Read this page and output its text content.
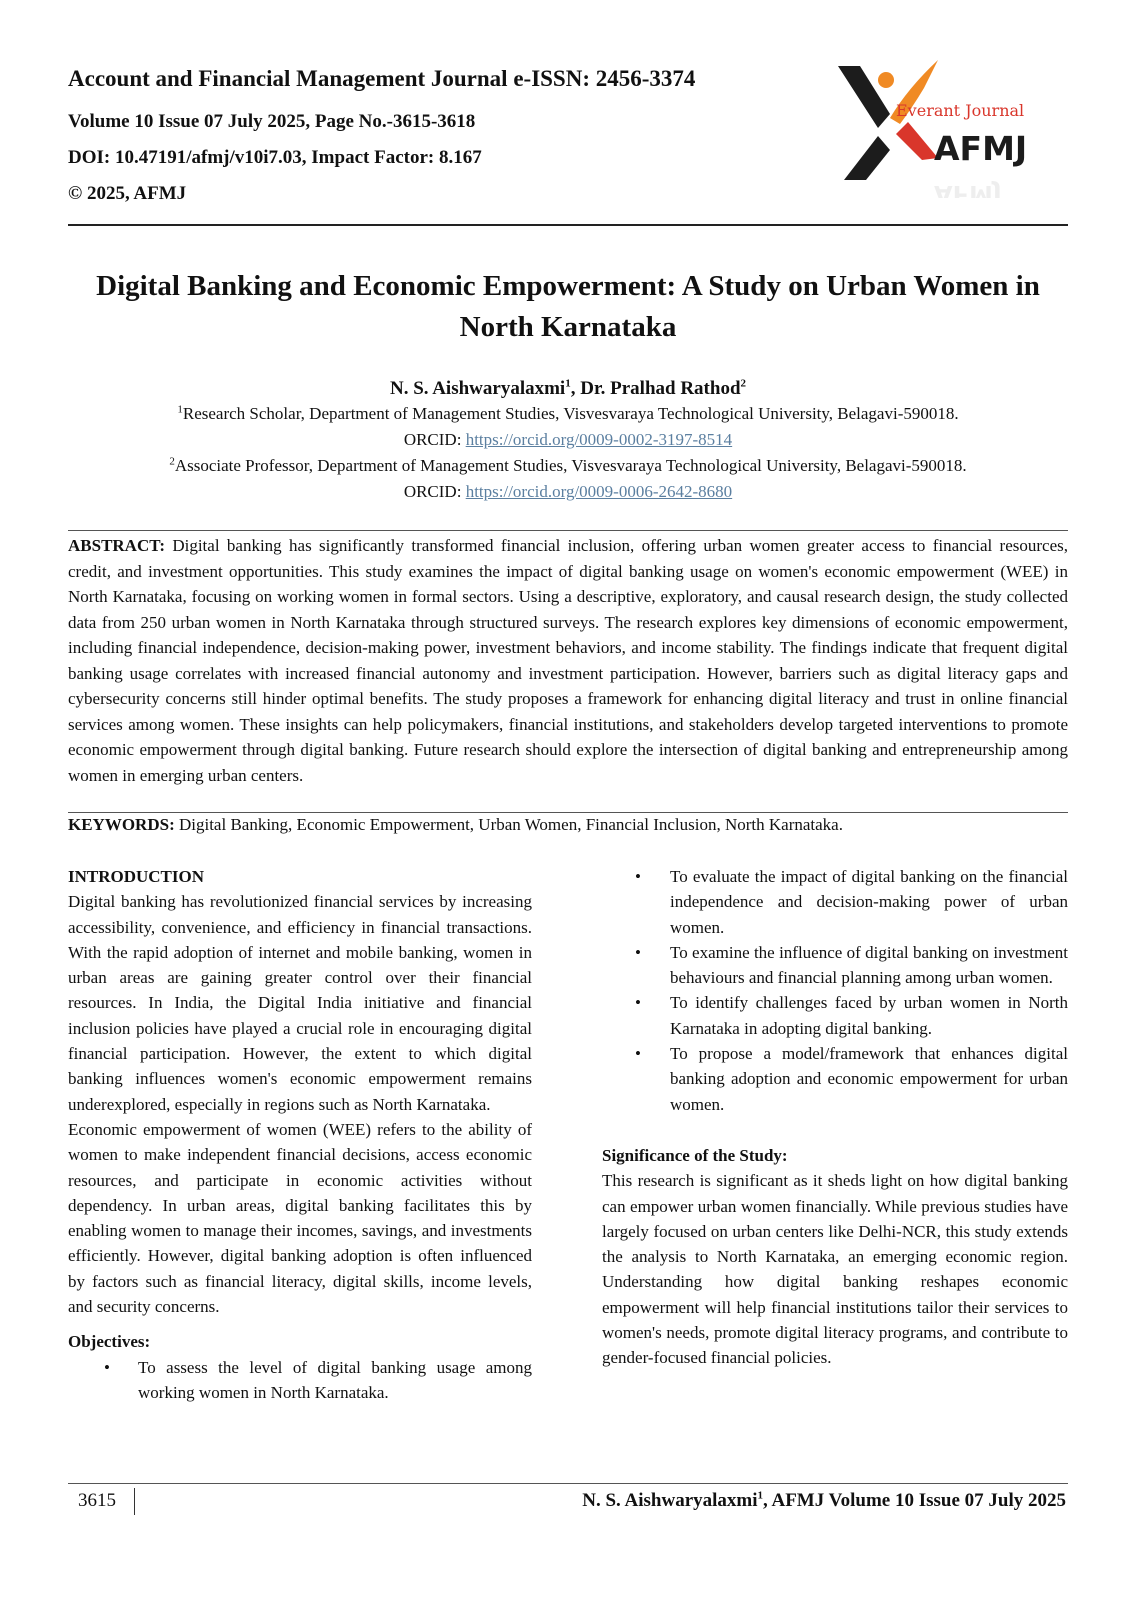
Account and Financial Management Journal e-ISSN: 2456-3374
Volume 10 Issue 07 July 2025, Page No.-3615-3618
DOI: 10.47191/afmj/v10i7.03, Impact Factor: 8.167
© 2025, AFMJ
Everant Journal
AFMJ
AFMJ
Digital Banking and Economic Empowerment: A Study on Urban Women in North Karnataka
N. S. Aishwaryalaxmi$^1$, Dr. Pralhad Rathod$^2$
$^1$Research Scholar, Department of Management Studies, Visvesvaraya Technological University, Belagavi-590018.
ORCID: https://orcid.org/0009-0002-3197-8514
$^2$Associate Professor, Department of Management Studies, Visvesvaraya Technological University, Belagavi-590018.
ORCID: https://orcid.org/0009-0006-2642-8680
ABSTRACT: Digital banking has significantly transformed financial inclusion, offering urban women greater access to financial resources, credit, and investment opportunities. This study examines the impact of digital banking usage on women's economic empowerment (WEE) in North Karnataka, focusing on working women in formal sectors. Using a descriptive, exploratory, and causal research design, the study collected data from 250 urban women in North Karnataka through structured surveys. The research explores key dimensions of economic empowerment, including financial independence, decision-making power, investment behaviors, and income stability. The findings indicate that frequent digital banking usage correlates with increased financial autonomy and investment participation. However, barriers such as digital literacy gaps and cybersecurity concerns still hinder optimal benefits. The study proposes a framework for enhancing digital literacy and trust in online financial services among women. These insights can help policymakers, financial institutions, and stakeholders develop targeted interventions to promote economic empowerment through digital banking. Future research should explore the intersection of digital banking and entrepreneurship among women in emerging urban centers.
KEYWORDS: Digital Banking, Economic Empowerment, Urban Women, Financial Inclusion, North Karnataka.
INTRODUCTION

Digital banking has revolutionized financial services by increasing accessibility, convenience, and efficiency in financial transactions. With the rapid adoption of internet and mobile banking, women in urban areas are gaining greater control over their financial resources. In India, the Digital India initiative and financial inclusion policies have played a crucial role in encouraging digital financial participation. However, the extent to which digital banking influences women's economic empowerment remains underexplored, especially in regions such as North Karnataka.

Economic empowerment of women (WEE) refers to the ability of women to make independent financial decisions, access economic resources, and participate in economic activities without dependency. In urban areas, digital banking facilitates this by enabling women to manage their incomes, savings, and investments efficiently. However, digital banking adoption is often influenced by factors such as financial literacy, digital skills, income levels, and security concerns.

Objectives:
• To assess the level of digital banking usage among working women in North Karnataka.
• To evaluate the impact of digital banking on the financial independence and decision-making power of urban women.
• To examine the influence of digital banking on investment behaviours and financial planning among urban women.
• To identify challenges faced by urban women in North Karnataka in adopting digital banking.
• To propose a model/framework that enhances digital banking adoption and economic empowerment for urban women.
Significance of the Study:

This research is significant as it sheds light on how digital banking can empower urban women financially. While previous studies have largely focused on urban centers like Delhi-NCR, this study extends the analysis to North Karnataka, an emerging economic region. Understanding how digital banking reshapes economic empowerment will help financial institutions tailor their services to women's needs, promote digital literacy programs, and contribute to gender-focused financial policies.

3615	N. S. Aishwaryalaxmi$^1$, AFMJ Volume 10 Issue 07 July 2025
